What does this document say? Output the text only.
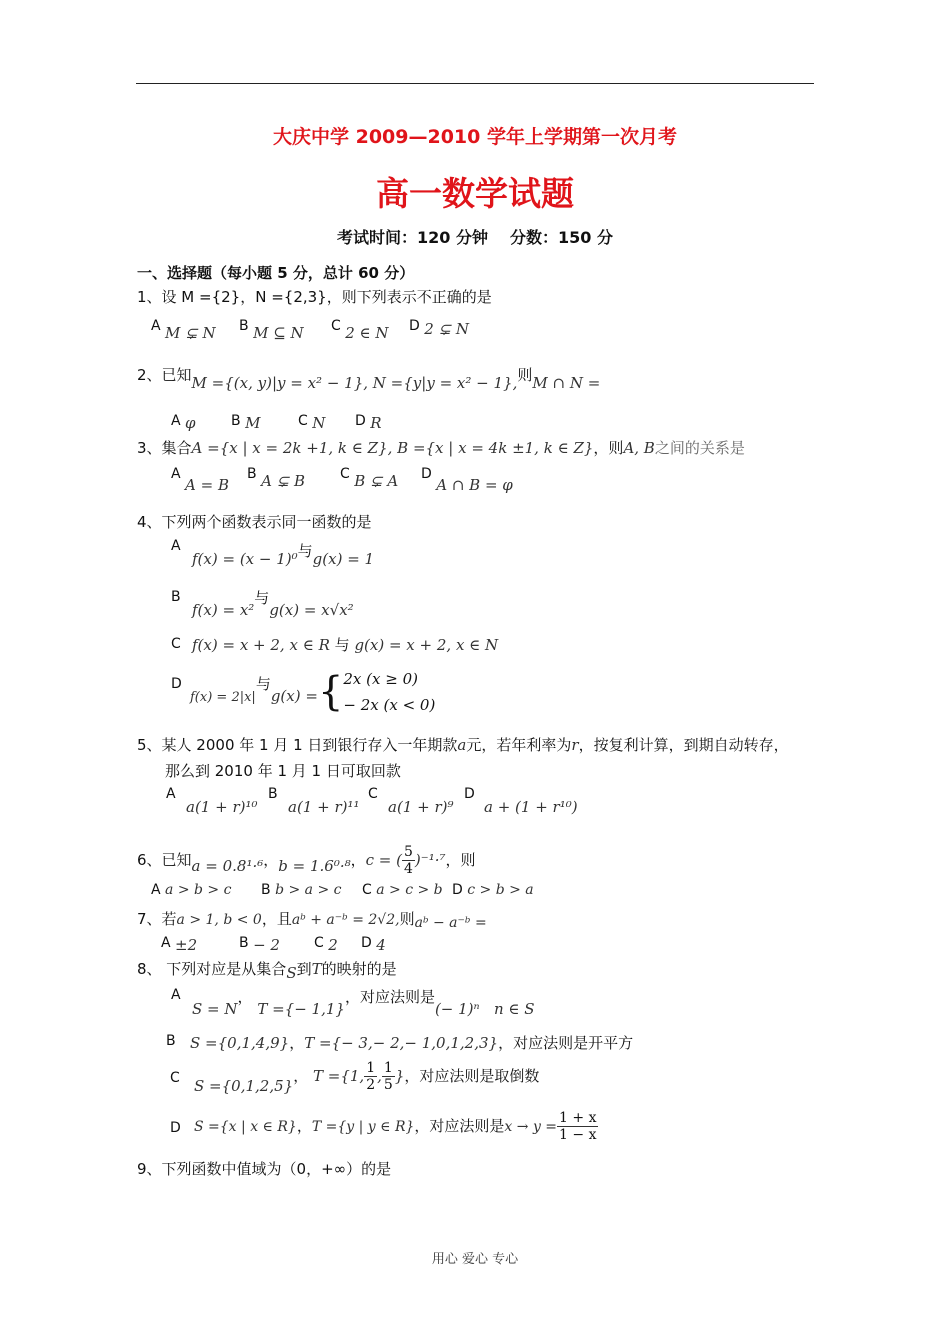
大庆中学 2009—2010 学年上学期第一次月考
高一数学试题
考试时间：120 分钟 分数：150 分
一、选择题（每小题 5 分，总计 60 分）
1、设 M ={2}，N ={2,3}，则下列表示不正确的是
A M ⊊ N B M ⊆ N C 2 ∈ N D 2 ⊊ N
2、已知M ={(x, y)|y = x² − 1}, N ={y|y = x² − 1},则M ∩ N =
A φ	B M	C N D R
3、集合A ={x | x = 2k +1, k ∈ Z}, B ={x | x = 4k ±1, k ∈ Z}，则A, B之间的关系是
A A = B
B A ⊊ B C B ⊊ A D A ∩ B = φ
4、下列两个函数表示同一函数的是
A
f(x) = (x − 1)⁰与g(x) = 1
B
f(x) = x²与g(x) = x√x²
C f(x) = x + 2, x ∈ R 与 g(x) = x + 2, x ∈ N
D
f(x) = 2|x|与g(x) ={ 2x (x ≥ 0)
− 2x (x < 0)
5、某人 2000 年 1 月 1 日到银行存入一年期款a元，若年利率为r，按复利计算，到期自动转存，
那么到 2010 年 1 月 1 日可取回款
A
a(1 + r)¹⁰
B
a(1 + r)¹¹
C
a(1 + r)⁹
D
a + (1 + r¹⁰)
6、已知a = 0.8¹·⁶，b = 1.6⁰·⁸，c = ( $\frac{5}{4} )^{-1}\cdot^7$，则
A a > b > c B b > a > c C a > c > b D c > b > a
7、若a > 1, b < 0，且aᵇ + a⁻ᵇ = 2√2,则aᵇ − a⁻ᵇ =
A ±2	B − 2 C 2 D 4
8、 下列对应是从集合S到T的映射的是
A
S = N， T ={− 1,1}，对应法则是(− 1)ⁿ n ∈ S
B S ={0,1,4,9}，T ={− 3,− 2,− 1,0,1,2,3}，对应法则是开平方
C S ={0,1,2,5}， T ={1, $\frac{1}{2}$ , $\frac{1}{5}$ }，对应法则是取倒数
D S ={x | x ∈ R}，T ={y | y ∈ R}，对应法则是$x \to y = \frac{1 + x}{1 - x}$
9、下列函数中值域为（0，+∞）的是
用心 爱心 专心
